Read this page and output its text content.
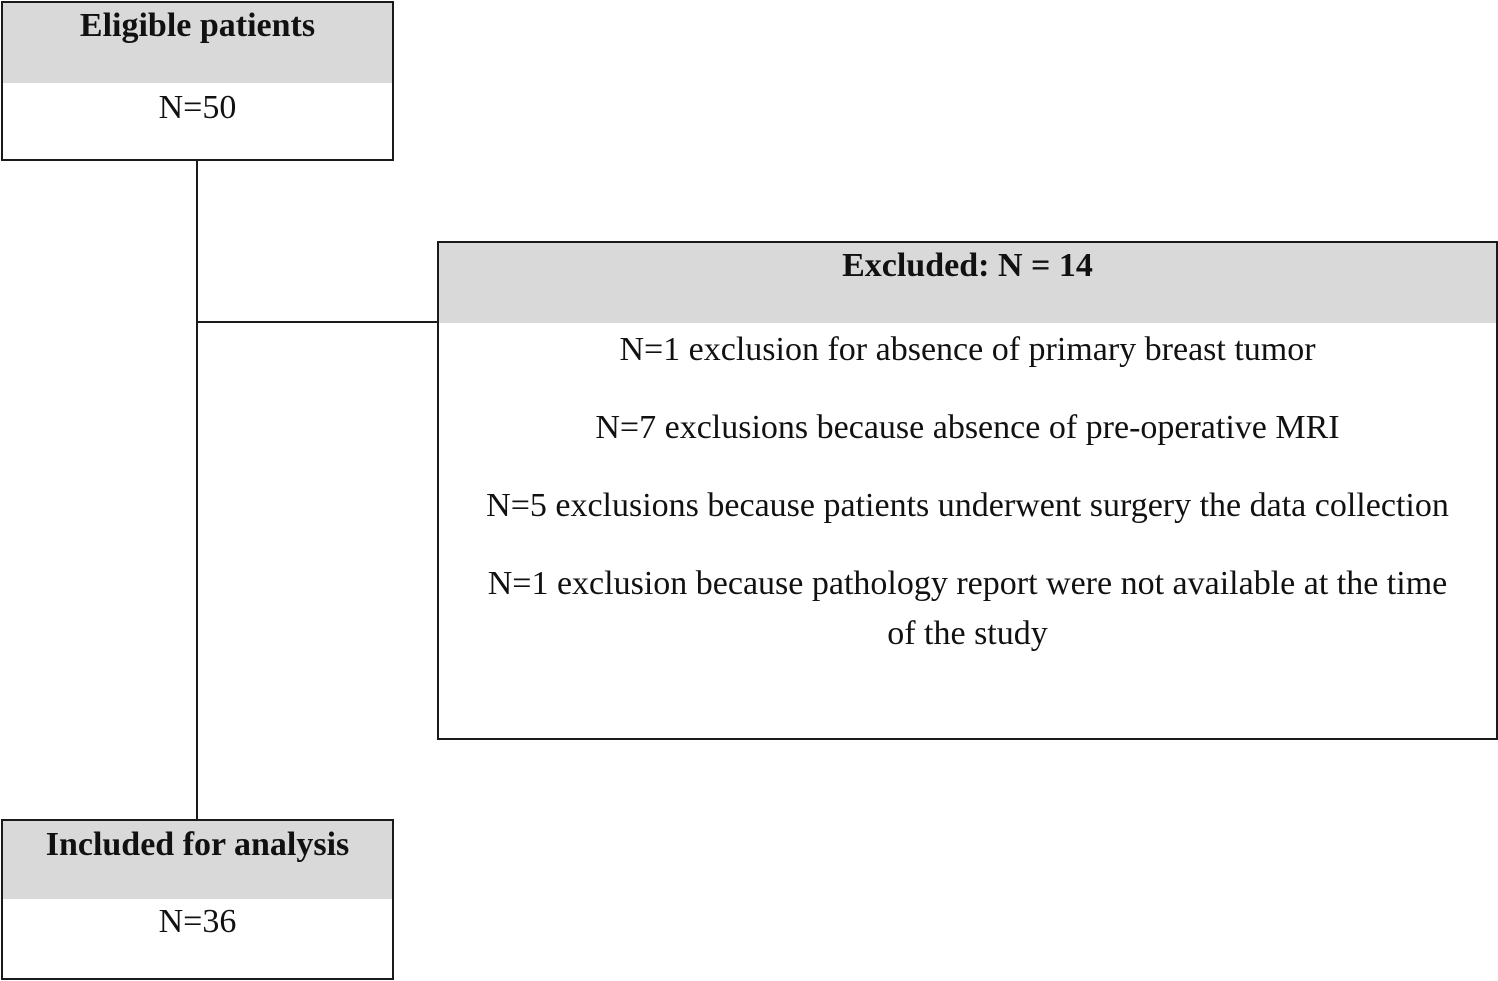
Eligible patients
N=50
Excluded: N = 14
N=1 exclusion for absence of primary breast tumor
N=7 exclusions because absence of pre-operative MRI
N=5 exclusions because patients underwent surgery the data collection
N=1 exclusion because pathology report were not available at the time of the study
Included for analysis
N=36
